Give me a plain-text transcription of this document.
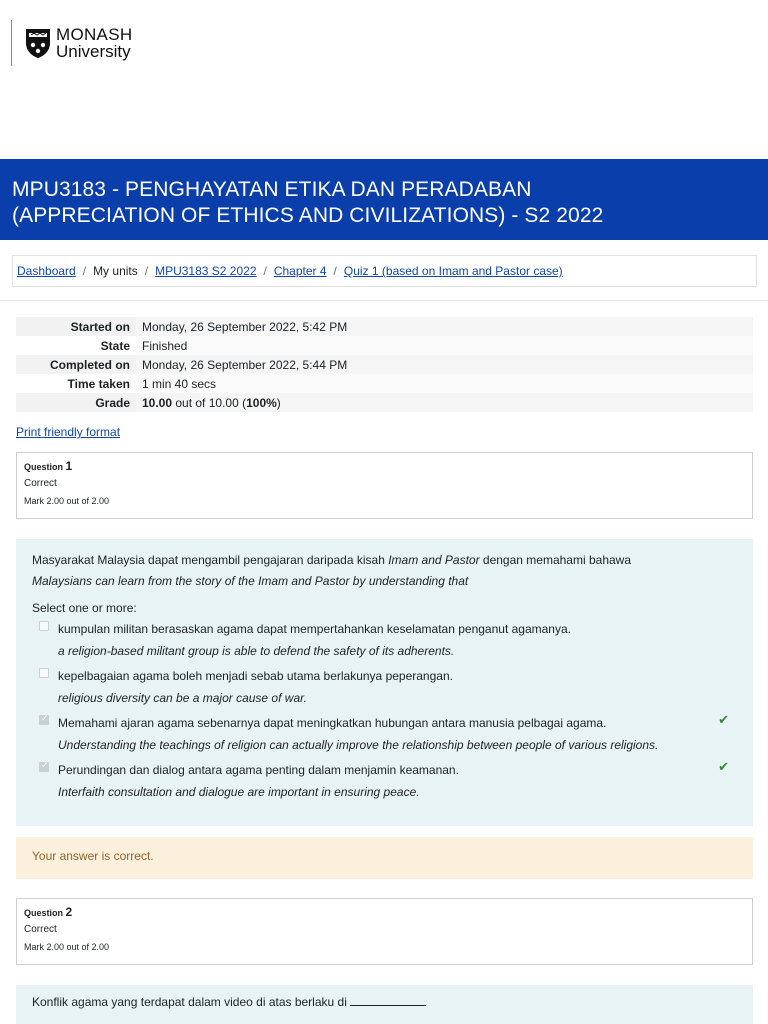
MONASH
University
MPU3183 - PENGHAYATAN ETIKA DAN PERADABAN
(APPRECIATION OF ETHICS AND CIVILIZATIONS) - S2 2022
Dashboard / My units / MPU3183 S2 2022 / Chapter 4 / Quiz 1 (based on Imam and Pastor case)
Started on	Monday, 26 September 2022, 5:42 PM
State	Finished
Completed on	Monday, 26 September 2022, 5:44 PM
Time taken	1 min 40 secs
Grade	10.00 out of 10.00 (100%)
Print friendly format
Question 1
Correct
Mark 2.00 out of 2.00
Masyarakat Malaysia dapat mengambil pengajaran daripada kisah Imam and Pastor dengan memahami bahawa
Malaysians can learn from the story of the Imam and Pastor by understanding that
Select one or more:
kumpulan militan berasaskan agama dapat mempertahankan keselamatan penganut agamanya.
a religion-based militant group is able to defend the safety of its adherents.
kepelbagaian agama boleh menjadi sebab utama berlakunya peperangan.
religious diversity can be a major cause of war.
✓
Memahami ajaran agama sebenarnya dapat meningkatkan hubungan antara manusia pelbagai agama.
Understanding the teachings of religion can actually improve the relationship between people of various religions.
✔
✓
Perundingan dan dialog antara agama penting dalam menjamin keamanan.
Interfaith consultation and dialogue are important in ensuring peace.
✔
Your answer is correct.
Question 2
Correct
Mark 2.00 out of 2.00
Konflik agama yang terdapat dalam video di atas berlaku di
